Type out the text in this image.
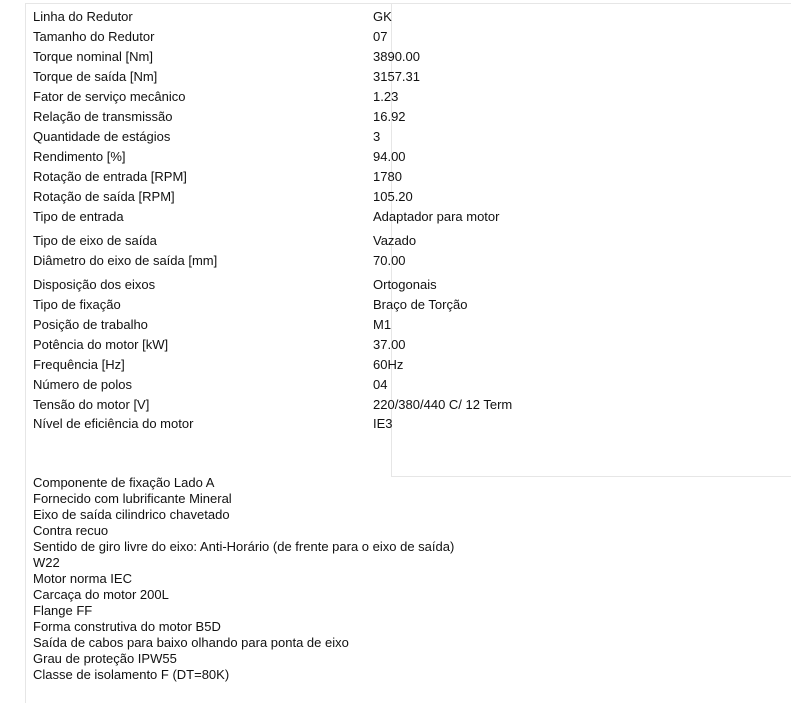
Linha do Redutor	GK
Tamanho do Redutor	07
Torque nominal [Nm]	3890.00
Torque de saída [Nm]	3157.31
Fator de serviço mecânico	1.23
Relação de transmissão	16.92
Quantidade de estágios	3
Rendimento [%]	94.00
Rotação de entrada [RPM]	1780
Rotação de saída [RPM]	105.20
Tipo de entrada	Adaptador para motor
Tipo de eixo de saída	Vazado
Diâmetro do eixo de saída [mm]	70.00
Disposição dos eixos	Ortogonais
Tipo de fixação	Braço de Torção
Posição de trabalho	M1
Potência do motor [kW]	37.00
Frequência [Hz]	60Hz
Número de polos	04
Tensão do motor [V]	220/380/440 C/ 12 Term
Nível de eficiência do motor	IE3
Componente de fixação Lado A
Fornecido com lubrificante Mineral
Eixo de saída cilindrico chavetado
Contra recuo
Sentido de giro livre do eixo: Anti-Horário (de frente para o eixo de saída)
W22
Motor norma IEC
Carcaça do motor 200L
Flange FF
Forma construtiva do motor B5D
Saída de cabos para baixo olhando para ponta de eixo
Grau de proteção IPW55
Classe de isolamento F (DT=80K)
